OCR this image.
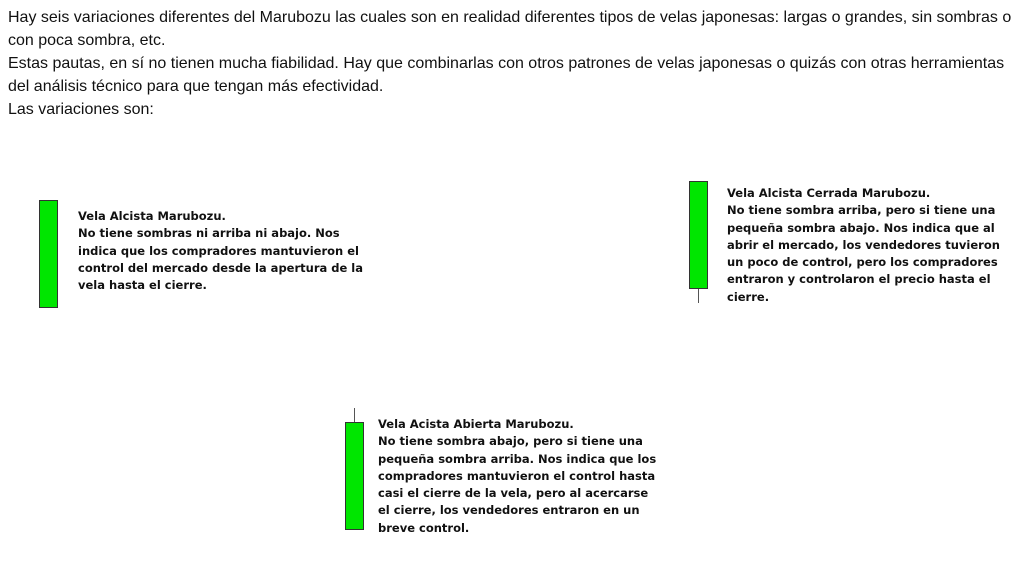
Hay seis variaciones diferentes del Marubozu las cuales son en realidad diferentes tipos de velas japonesas: largas o grandes, sin sombras o con poca sombra, etc.

Estas pautas, en sí no tienen mucha fiabilidad. Hay que combinarlas con otros patrones de velas japonesas o quizás con otras herramientas del análisis técnico para que tengan más efectividad.

Las variaciones son:

Vela Alcista Marubozu.
No tiene sombras ni arriba ni abajo. Nos
indica que los compradores mantuvieron el
control del mercado desde la apertura de la
vela hasta el cierre.
Vela Alcista Cerrada Marubozu.
No tiene sombra arriba, pero si tiene una
pequeña sombra abajo. Nos indica que al
abrir el mercado, los vendedores tuvieron
un poco de control, pero los compradores
entraron y controlaron el precio hasta el
cierre.
Vela Acista Abierta Marubozu.
No tiene sombra abajo, pero si tiene una
pequeña sombra arriba. Nos indica que los
compradores mantuvieron el control hasta
casi el cierre de la vela, pero al acercarse
el cierre, los vendedores entraron en un
breve control.
